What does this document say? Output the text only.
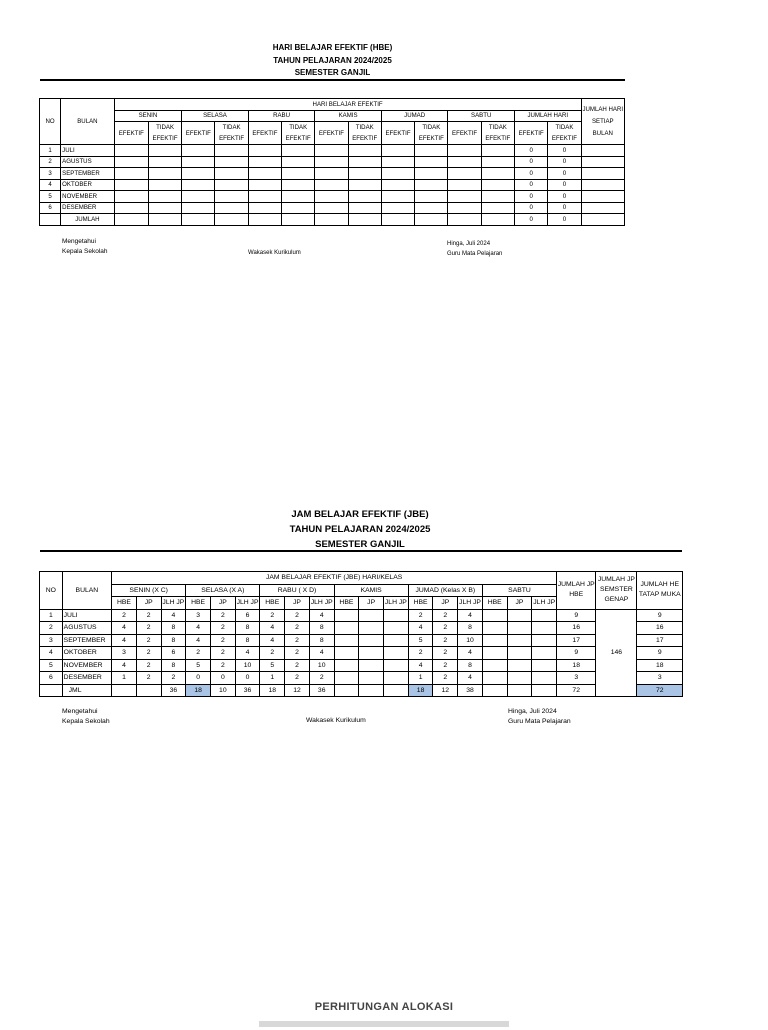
HARI BELAJAR EFEKTIF (HBE)
TAHUN PELAJARAN 2024/2025
SEMESTER GANJIL
NO	BULAN	HARI BELAJAR EFEKTIF														JUMLAH HARI SETIAP BULAN
		SENIN		SELASA		RABU		KAMIS		JUMAD		SABTU		JUMLAH HARI		
		EFEKTIF	TIDAK EFEKTIF	EFEKTIF	TIDAK EFEKTIF	EFEKTIF	TIDAK EFEKTIF	EFEKTIF	TIDAK EFEKTIF	EFEKTIF	TIDAK EFEKTIF	EFEKTIF	TIDAK EFEKTIF	EFEKTIF	TIDAK EFEKTIF	

1	JULI													0	0	
2	AGUSTUS													0	0	
3	SEPTEMBER													0	0	
4	OKTOBER													0	0	
5	NOVEMBER													0	0	
6	DESEMBER													0	0	
	JUMLAH													0	0	
Mengetahui
Kepala Sekolah	Wakasek Kurikulum
Hinga, Juli 2024
Guru Mata Pelajaran
JAM BELAJAR EFEKTIF (JBE)
TAHUN PELAJARAN 2024/2025
SEMESTER GANJIL
NO	BULAN	JAM BELAJAR EFEKTIF (JBE) HARI/KELAS																		JUMLAH JP HBE	JUMLAH JP SEMSTER GENAP	JUMLAH HE TATAP MUKA
		SENIN (X C)			SELASA (X A)			RABU ( X D)			KAMIS			JUMAD (Kelas X B)			SABTU					
		HBE	JP	JLH JP	HBE	JP	JLH JP	HBE	JP	JLH JP	HBE	JP	JLH JP	HBE	JP	JLH JP	HBE	JP	JLH JP			
1	JULI	2	2	4	3	2	6	2	2	4				2	2	4				9	146	9
2	AGUSTUS	4	2	8	4	2	8	4	2	8				4	2	8				16		16
3	SEPTEMBER	4	2	8	4	2	8	4	2	8				5	2	10				17		17
4	OKTOBER	3	2	6	2	2	4	2	2	4				2	2	4				9		9
5	NOVEMBER	4	2	8	5	2	10	5	2	10				4	2	8				18		18
6	DESEMBER	1	2	2	0	0	0	1	2	2				1	2	4				3		3
	JML			36	18	10	36	18	12	36				18	12	38				72		72
Mengetahui
Kepala Sekolah	Wakasek Kurikulum
Hinga, Juli 2024
Guru Mata Pelajaran
PERHITUNGAN ALOKASI
